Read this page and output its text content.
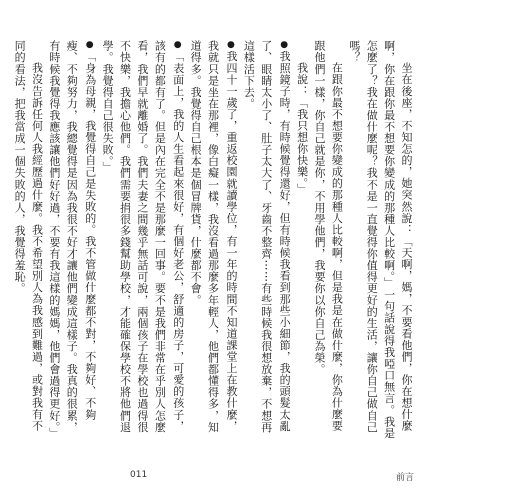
坐在後座，不知怎的，她突然說：「天啊，媽，不要看他們，你在想什麼啊，你在跟你最不想要你變成的那種人比較啊。」一句話說得我啞口無言。我是怎麼了？我在做什麼呢？我不是一直覺得你值得更好的生活，讓你自己做自己嗎？

在跟你最不想要你變成的那種人比較啊，但是我是在做什麼，你為什麼要跟他們一樣，你自己就是你，不用學他們，我要你以你自己為榮。

我說：「我只想你快樂。」

●我照鏡子時，有時候覺得還好，但有時候我看到那些小細節，我的頭髮太亂了、眼睛太小了、肚子太大了、牙齒不整齊⋯⋯有些時候我很想放棄，不想再這樣活下去。

●我四十一歲了，重返校園就讀學位，有一年的時間不知道課堂上在教什麼，我就只是坐在那裡，像白癡一樣，我沒看過那麼多年輕人，他們都懂得多，知道得多。我覺得自己根本是個冒牌貨，什麼都不會。

●「表面上，我的人生看起來很好，有個好老公，舒適的房子，可愛的孩子，該有的都有了。但是內在完全不是那麼一回事。要不是我們非常在乎別人怎麼看，我們早就離婚了。我們夫妻之間幾乎無話可說，兩個孩子在學校也過得很不快樂，我擔心他們。我們需要捐很多錢幫助學校，才能確保學校不將他們退學。我覺得自己很失敗。」

●「身為母親，我覺得自己是失敗的。我不管做什麼都不對，不夠好、不夠瘦、不夠努力，我總覺得是因為我很不好才讓他們變成這樣子。我真的很累，有時候我覺得我應該讓他們好好過，不要有我這樣的媽媽，他們會過得更好。」

我沒告訴任何人我經歷過什麼。我不希望別人為我感到難過，或對我有不同的看法，把我當成一個失敗的人，我覺得羞恥。

011	前言
